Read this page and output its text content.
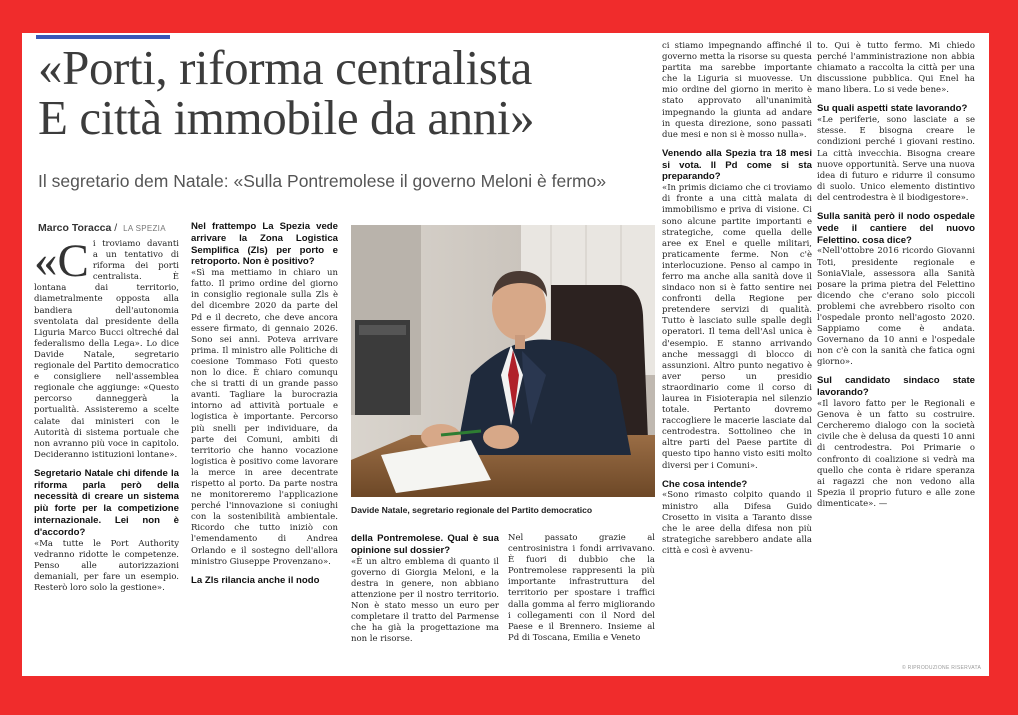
«Porti, riforma centralista
E città immobile da anni»

Il segretario dem Natale: «Sulla Pontremolese il governo Meloni è fermo»

Marco Toracca / LA SPEZIA

«Ci troviamo davanti a un tentativo di riforma dei porti centralista. È lontana dai territorio, diametralmente opposta alla bandiera dell'autonomia sventolata dal presidente della Liguria Marco Bucci oltreché dal federalismo della Lega». Lo dice Davide Natale, segretario regionale del Partito democratico e consigliere nell'assemblea regionale che aggiunge: «Questo percorso danneggerà la portualità. Assisteremo a scelte calate dai ministeri con le Autorità di sistema portuale che non avranno più voce in capitolo. Decideranno istituzioni lontane».

Segretario Natale chi difende la riforma parla però della necessità di creare un sistema più forte per la competizione internazionale. Lei non è d'accordo?

«Ma tutte le Port Authority vedranno ridotte le competenze. Penso alle autorizzazioni demaniali, per fare un esempio. Resterò loro solo la gestione».

Nel frattempo La Spezia vede arrivare la Zona Logistica Semplifica (Zls) per porto e retroporto. Non è positivo?

«Sì ma mettiamo in chiaro un fatto. Il primo ordine del giorno in consiglio regionale sulla Zls è del dicembre 2020 da parte del Pd e il decreto, che deve ancora essere firmato, di gennaio 2026. Sono sei anni. Poteva arrivare prima. Il ministro alle Politiche di coesione Tommaso Foti questo non lo dice. È chiaro comunqu che si tratti di un grande passo avanti. Tagliare la burocrazia intorno ad attività portuale e logistica è importante. Percorso più snelli per individuare, da parte dei Comuni, ambiti di territorio che hanno vocazione logistica è positivo come lavorare la merce in aree decentrate rispetto al porto. Da parte nostra ne monitoreremo l'applicazione perché l'innovazione si coniughi con la sostenibilità ambientale. Ricordo che tutto iniziò con l'emendamento di Andrea Orlando e il sostegno dell'allora ministro Giuseppe Provenzano».

La Zls rilancia anche il nodo

Davide Natale, segretario regionale del Partito democratico

della Pontremolese. Qual è sua opinione sul dossier?

«È un altro emblema di quanto il governo di Giorgia Meloni, e la destra in genere, non abbiano attenzione per il nostro territorio. Non è stato messo un euro per completare il tratto del Parmense che ha già la progettazione ma non le risorse.

Nel passato grazie al centrosinistra i fondi arrivavano. È fuori di dubbio che la Pontremolese rappresenti la più importante infrastruttura del territorio per spostare i traffici dalla gomma al ferro migliorando i collegamenti con il Nord del Paese e il Brennero. Insieme al Pd di Toscana, Emilia e Veneto

ci stiamo impegnando affinché il governo metta la risorse su questa partita ma sarebbe importante che la Liguria si muovesse. Un mio ordine del giorno in merito è stato approvato all'unanimità impegnando la giunta ad andare in questa direzione, sono passati due mesi e non si è mosso nulla».

Venendo alla Spezia tra 18 mesi si vota. Il Pd come si sta preparando?

«In primis diciamo che ci troviamo di fronte a una città malata di immobilismo e priva di visione. Ci sono alcune partite importanti e strategiche, come quella delle aree ex Enel e quelle militari, praticamente ferme. Non c'è interlocuzione. Penso al campo in ferro ma anche alla sanità dove il sindaco non si è fatto sentire nei confronti della Regione per pretendere servizi di qualità. Tutto è lasciato sulle spalle degli operatori. Il tema dell'Asl unica è d'esempio. E stanno arrivando anche messaggi di blocco di assunzioni. Altro punto negativo è aver perso un presidio straordinario come il corso di laurea in Fisioterapia nel silenzio totale. Pertanto dovremo raccogliere le macerie lasciate dal centrodestra. Sottolineo che in altre parti del Paese partite di questo tipo hanno visto esiti molto diversi per i Comuni».

Che cosa intende?

«Sono rimasto colpito quando il ministro alla Difesa Guido Crosetto in visita a Taranto disse che le aree della difesa non più strategiche sarebbero andate alla città e così è avvenu-

to. Qui è tutto fermo. Mi chiedo perché l'amministrazione non abbia chiamato a raccolta la città per una discussione pubblica. Qui Enel ha mano libera. Lo si vede bene».

Su quali aspetti state lavorando?

«Le periferie, sono lasciate a se stesse. E bisogna creare le condizioni perché i giovani restino. La città invecchia. Bisogna creare nuove opportunità. Serve una nuova idea di futuro e ridurre il consumo di suolo. Unico elemento distintivo del centrodestra è il biodigestore».

Sulla sanità però il nodo ospedale vede il cantiere del nuovo Felettino. cosa dice?

«Nell'ottobre 2016 ricordo Giovanni Toti, presidente regionale e SoniaViale, assessora alla Sanità posare la prima pietra del Felettino dicendo che c'erano solo piccoli problemi che avrebbero risolto con l'ospedale pronto nell'agosto 2020. Sappiamo come è andata. Governano da 10 anni e l'ospedale non c'è con la sanità che fatica ogni giorno».

Sul candidato sindaco state lavorando?

«Il lavoro fatto per le Regionali e Genova è un fatto su costruire. Cercheremo dialogo con la società civile che è delusa da questi 10 anni di centrodestra. Poi Primarie o confronto di coalizione si vedrà ma quello che conta è ridare speranza ai ragazzi che non vedono alla Spezia il proprio futuro e alle zone dimenticate». —

© RIPRODUZIONE RISERVATA
